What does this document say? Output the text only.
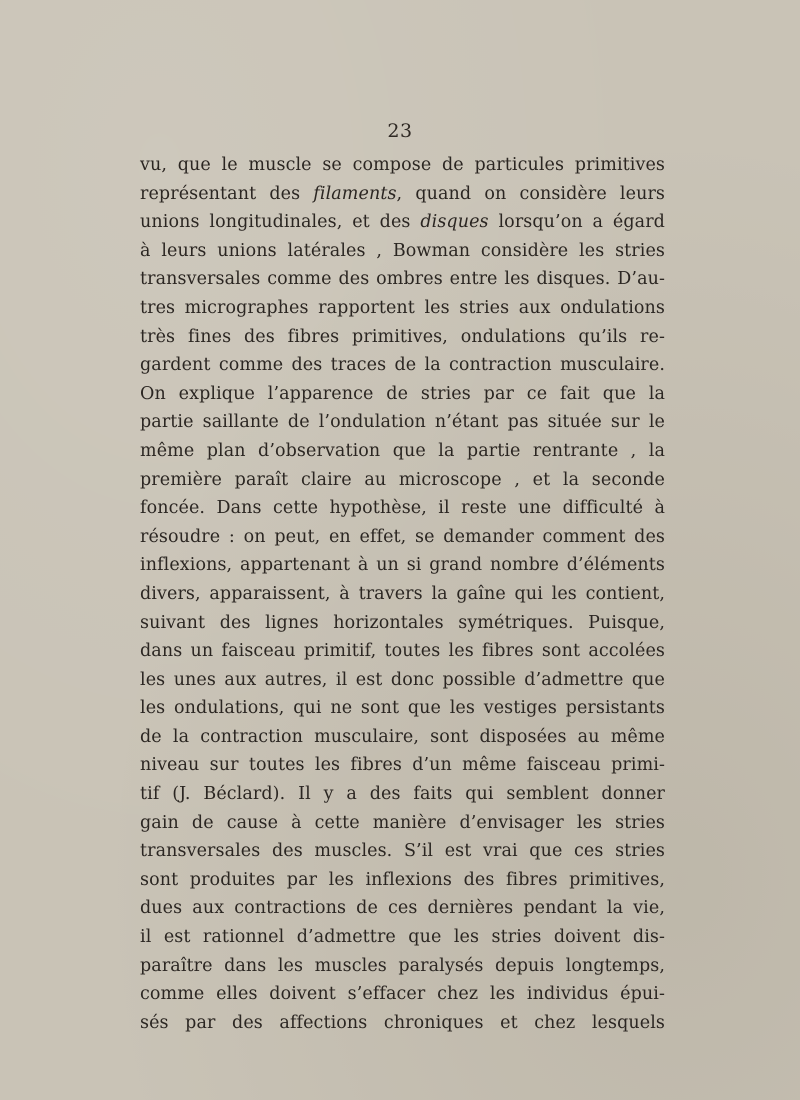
23
vu, que le muscle se compose de particules primitives
représentant des filaments, quand on considère leurs
unions longitudinales, et des disques lorsqu’on a égard
à leurs unions latérales , Bowman considère les stries
transversales comme des ombres entre les disques. D’au-
tres micrographes rapportent les stries aux ondulations
très fines des fibres primitives, ondulations qu’ils re-
gardent comme des traces de la contraction musculaire.
On explique l’apparence de stries par ce fait que la
partie saillante de l’ondulation n’étant pas située sur le
même plan d’observation que la partie rentrante , la
première paraît claire au microscope , et la seconde
foncée. Dans cette hypothèse, il reste une difficulté à
résoudre : on peut, en effet, se demander comment des
inflexions, appartenant à un si grand nombre d’éléments
divers, apparaissent, à travers la gaîne qui les contient,
suivant des lignes horizontales symétriques. Puisque,
dans un faisceau primitif, toutes les fibres sont accolées
les unes aux autres, il est donc possible d’admettre que
les ondulations, qui ne sont que les vestiges persistants
de la contraction musculaire, sont disposées au même
niveau sur toutes les fibres d’un même faisceau primi-
tif (J. Béclard). Il y a des faits qui semblent donner
gain de cause à cette manière d’envisager les stries
transversales des muscles. S’il est vrai que ces stries
sont produites par les inflexions des fibres primitives,
dues aux contractions de ces dernières pendant la vie,
il est rationnel d’admettre que les stries doivent dis-
paraître dans les muscles paralysés depuis longtemps,
comme elles doivent s’effacer chez les individus épui-
sés par des affections chroniques et chez lesquels
